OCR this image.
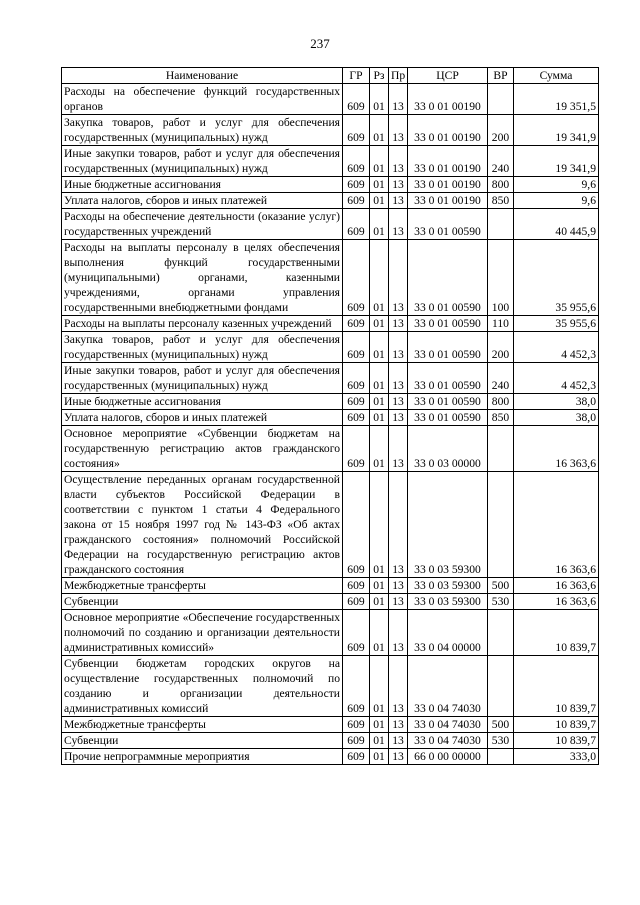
237
Наименование	ГР	Рз	Пр	ЦСР	ВР	Сумма
Расходы на обеспечение функций государственных органов	609	01	13	33 0 01 00190		19 351,5
Закупка товаров, работ и услуг для обеспечения государственных (муниципальных) нужд	609	01	13	33 0 01 00190	200	19 341,9
Иные закупки товаров, работ и услуг для обеспечения государственных (муниципальных) нужд	609	01	13	33 0 01 00190	240	19 341,9
Иные бюджетные ассигнования	609	01	13	33 0 01 00190	800	9,6
Уплата налогов, сборов и иных платежей	609	01	13	33 0 01 00190	850	9,6
Расходы на обеспечение деятельности (оказание услуг) государственных учреждений	609	01	13	33 0 01 00590		40 445,9
Расходы на выплаты персоналу в целях обеспечения выполнения функций государственными (муниципальными) органами, казенными учреждениями, органами управления государственными внебюджетными фондами	609	01	13	33 0 01 00590	100	35 955,6
Расходы на выплаты персоналу казенных учреждений	609	01	13	33 0 01 00590	110	35 955,6
Закупка товаров, работ и услуг для обеспечения государственных (муниципальных) нужд	609	01	13	33 0 01 00590	200	4 452,3
Иные закупки товаров, работ и услуг для обеспечения государственных (муниципальных) нужд	609	01	13	33 0 01 00590	240	4 452,3
Иные бюджетные ассигнования	609	01	13	33 0 01 00590	800	38,0
Уплата налогов, сборов и иных платежей	609	01	13	33 0 01 00590	850	38,0
Основное мероприятие «Субвенции бюджетам на государственную регистрацию актов гражданского состояния»	609	01	13	33 0 03 00000		16 363,6
Осуществление переданных органам государственной власти субъектов Российской Федерации в соответствии с пунктом 1 статьи 4 Федерального закона от 15 ноября 1997 год № 143-ФЗ «Об актах гражданского состояния» полномочий Российской Федерации на государственную регистрацию актов гражданского состояния	609	01	13	33 0 03 59300		16 363,6
Межбюджетные трансферты	609	01	13	33 0 03 59300	500	16 363,6
Субвенции	609	01	13	33 0 03 59300	530	16 363,6
Основное мероприятие «Обеспечение государственных полномочий по созданию и организации деятельности административных комиссий»	609	01	13	33 0 04 00000		10 839,7
Субвенции бюджетам городских округов на осуществление государственных полномочий по созданию и организации деятельности административных комиссий	609	01	13	33 0 04 74030		10 839,7
Межбюджетные трансферты	609	01	13	33 0 04 74030	500	10 839,7
Субвенции	609	01	13	33 0 04 74030	530	10 839,7
Прочие непрограммные мероприятия	609	01	13	66 0 00 00000		333,0
